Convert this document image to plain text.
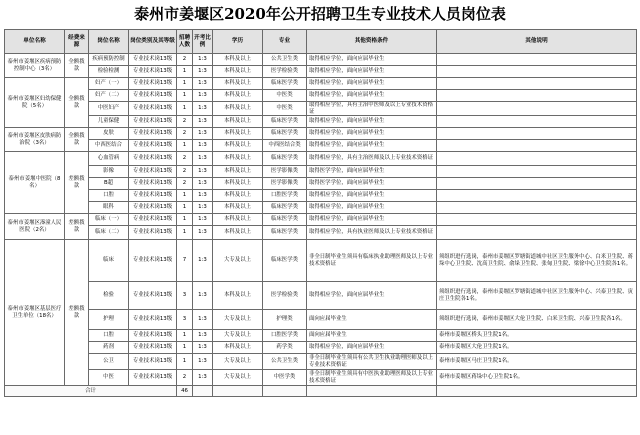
泰州市姜堰区2020年公开招聘卫生专业技术人员岗位表
单位名称	经费来源	岗位名称	岗位类别及其等级	招聘人数	开考比例	学历	专业	其他资格条件	其他说明
泰州市姜堰区疾病预防控制中心（3名）	全额拨款	疾病预防控制	专业技术岗13级	2	1:3	本科及以上	公共卫生类	取得相应学位，面向应届毕业生	
		检验检测	专业技术岗13级	1	1:3	本科及以上	医学检验类	取得相应学位，面向应届毕业生	
泰州市姜堰区妇幼保健院（5名）	全额拨款	妇产（一）	专业技术岗13级	1	1:3	本科及以上	临床医学类	取得相应学位，面向应届毕业生	
		妇产（二）	专业技术岗13级	1	1:3	本科及以上	中医类	取得相应学位，面向应届毕业生	
		中医妇产	专业技术岗13级	1	1:3	本科及以上	中医类	取得相应学位，具有主治中医师及以上专业技术资格证	
		儿童保健	专业技术岗13级	2	1:3	本科及以上	临床医学类	取得相应学位，面向应届毕业生	
泰州市姜堰区皮肤病防治院（3名）	全额拨款	皮肤	专业技术岗13级	2	1:3	本科及以上	临床医学类	取得相应学位，面向应届毕业生	
		中西医结合	专业技术岗13级	1	1:3	本科及以上	中西医结合类	取得相应学位，面向应届毕业生	
泰州市姜堰中医院（8名）	差额拨款	心血管病	专业技术岗13级	2	1:3	本科及以上	临床医学类	取得相应学位，具有主治医师及以上专业技术资格证	
		影像	专业技术岗13级	2	1:3	本科及以上	医学影像类	取得医学学位，面向应届毕业生	
		B超	专业技术岗13级	2	1:3	本科及以上	医学影像类	取得医学学位，面向应届毕业生	
		口腔	专业技术岗13级	1	1:3	本科及以上	口腔医学类	取得相应学位，面向应届毕业生	
		眼科	专业技术岗13级	1	1:3	本科及以上	临床医学类	取得相应学位，面向应届毕业生	
泰州市姜堰区溱潼人民医院（2名）	差额拨款	临床（一）	专业技术岗13级	1	1:3	本科及以上	临床医学类	取得相应学位，面向应届毕业生	
		临床（二）	专业技术岗13级	1	1:3	本科及以上	临床医学类	取得相应学位，具有执业医师及以上专业技术资格证	
泰州市姜堰区基层医疗卫生单位（18名）	差额拨款	临床	专业技术岗13级	7	1:3	大专及以上	临床医学类	非全日制毕业生须具有临床执业助理医师及以上专业技术资格证	须组织进行选岗，泰州市姜堰区罗塘街道城中社区卫生服务中心、白米卫生院、蒋垛中心卫生院、沈高卫生院、俞垛卫生院、张甸卫生院、梁徐中心卫生院各1名。
		检验	专业技术岗13级	3	1:3	本科及以上	医学检验类	取得相应学位，面向应届毕业生	须组织进行选岗，泰州市姜堰区罗塘街道城中社区卫生服务中心、兴泰卫生院、寅庄卫生院各1名。
		护理	专业技术岗13级	3	1:3	大专及以上	护理类	面向应届毕业生	须组织进行选岗，泰州市姜堰区大伦卫生院、白米卫生院、兴泰卫生院各1名。
		口腔	专业技术岗13级	1	1:3	大专及以上	口腔医学类	面向应届毕业生	泰州市姜堰区桥头卫生院1名。
		药剂	专业技术岗13级	1	1:3	本科及以上	药学类	取得相应学位，面向应届毕业生	泰州市姜堰区大伦卫生院1名。
		公卫	专业技术岗13级	1	1:3	大专及以上	公共卫生类	非全日制毕业生须具有公共卫生执业助理医师及以上专业技术资格证	泰州市姜堰区马庄卫生院1名。
		中医	专业技术岗13级	2	1:3	大专及以上	中医学类	非全日制毕业生须具有中医执业助理医师及以上专业技术资格证	泰州市姜堰区蒋垛中心卫生院1名。
合计				46					
